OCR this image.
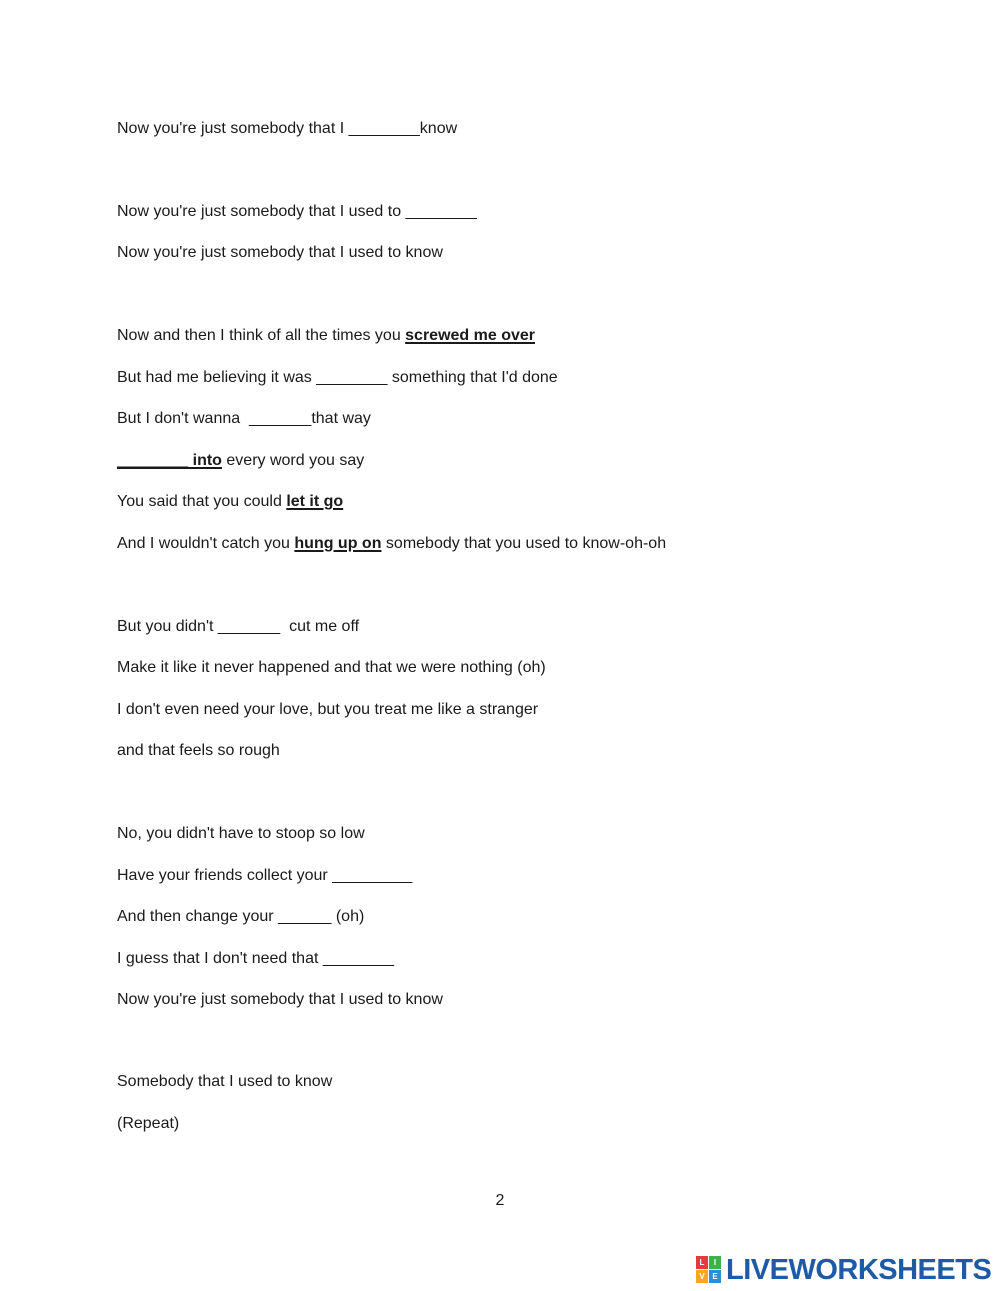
Now you're just somebody that I ________know
Now you're just somebody that I used to ________
Now you're just somebody that I used to know
Now and then I think of all the times you screwed me over
But had me believing it was ________ something that I'd done
But I don't wanna  _______that way
________ into every word you say
You said that you could let it go
And I wouldn't catch you hung up on somebody that you used to know-oh-oh
But you didn't _______  cut me off
Make it like it never happened and that we were nothing (oh)
I don't even need your love, but you treat me like a stranger
and that feels so rough
No, you didn't have to stoop so low
Have your friends collect your _________
And then change your ______ (oh)
I guess that I don't need that ________
Now you're just somebody that I used to know
Somebody that I used to know
(Repeat)
2
L	I
V E LIVEWORKSHEETS
